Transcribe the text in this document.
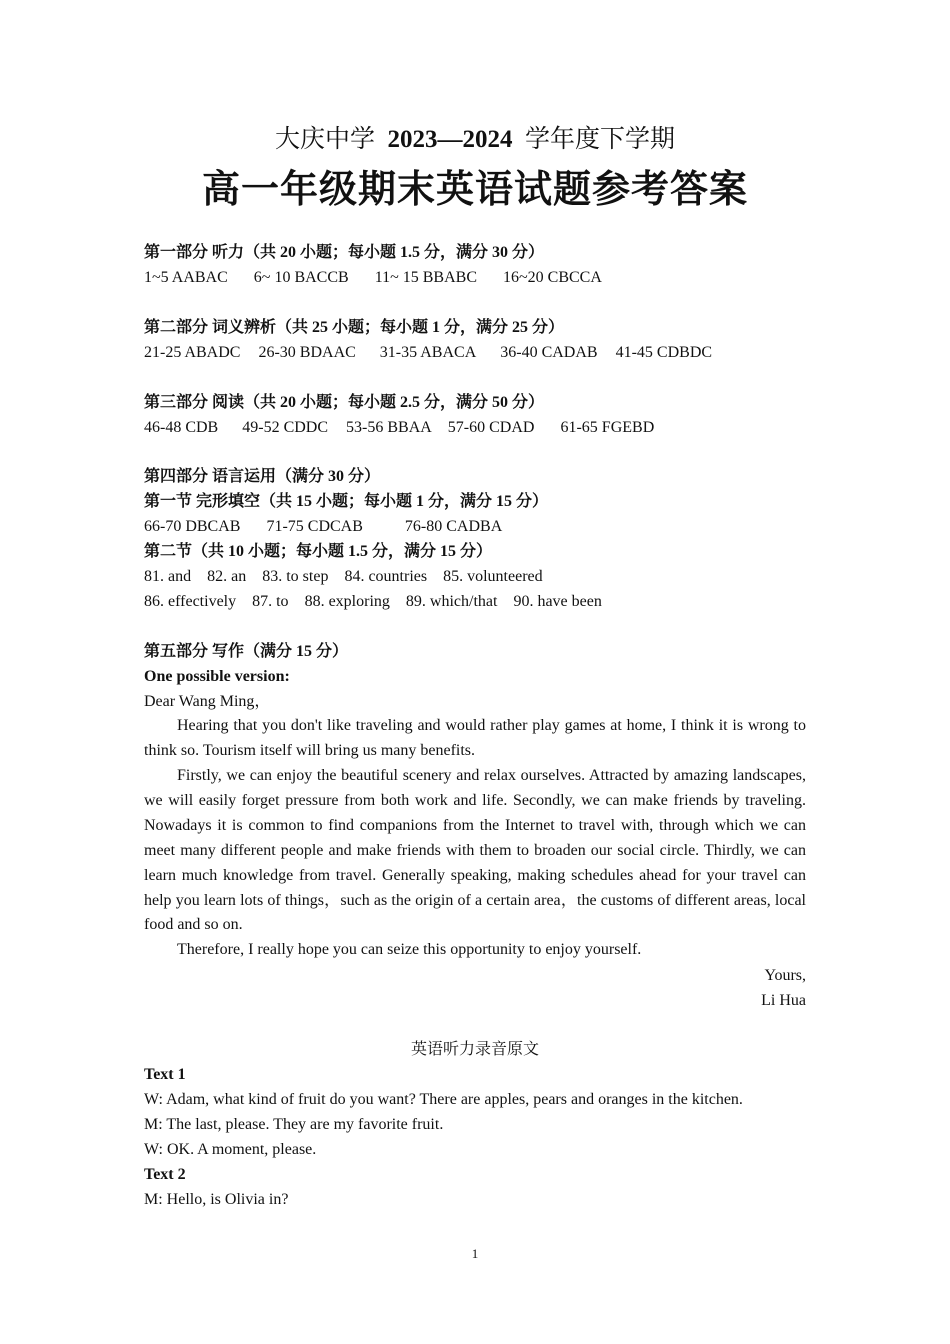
大庆中学 2023—2024 学年度下学期
高一年级期末英语试题参考答案
第一部分 听力（共 20 小题；每小题 1.5 分，满分 30 分）
1~5 AABAC 6~ 10 BACCB 11~ 15 BBABC 16~20 CBCCA
第二部分 词义辨析（共 25 小题；每小题 1 分，满分 25 分）
21-25 ABADC 26-30 BDAAC 31-35 ABACA 36-40 CADAB 41-45 CDBDC
第三部分 阅读（共 20 小题；每小题 2.5 分，满分 50 分）
46-48 CDB 49-52 CDDC 53-56 BBAA 57-60 CDAD 61-65 FGEBD
第四部分 语言运用（满分 30 分）
第一节 完形填空（共 15 小题；每小题 1 分，满分 15 分）
66-70 DBCAB 71-75 CDCAB	76-80 CADBA
第二节（共 10 小题；每小题 1.5 分，满分 15 分）
81. and 82. an 83. to step 84. countries 85. volunteered
86. effectively 87. to 88. exploring 89. which/that 90. have been
第五部分 写作（满分 15 分）
One possible version:
Dear Wang Ming，
Hearing that you don't like traveling and would rather play games at home, I think it is wrong to think so. Tourism itself will bring us many benefits.
Firstly, we can enjoy the beautiful scenery and relax ourselves. Attracted by amazing landscapes, we will easily forget pressure from both work and life. Secondly, we can make friends by traveling. Nowadays it is common to find companions from the Internet to travel with, through which we can meet many different people and make friends with them to broaden our social circle. Thirdly, we can learn much knowledge from travel. Generally speaking, making schedules ahead for your travel can help you learn lots of things，such as the origin of a certain area，the customs of different areas, local food and so on.
Therefore, I really hope you can seize this opportunity to enjoy yourself.
Yours,
Li Hua
英语听力录音原文
Text 1
W: Adam, what kind of fruit do you want? There are apples, pears and oranges in the kitchen.
M: The last, please. They are my favorite fruit.
W: OK. A moment, please.
Text 2
M: Hello, is Olivia in?
1
